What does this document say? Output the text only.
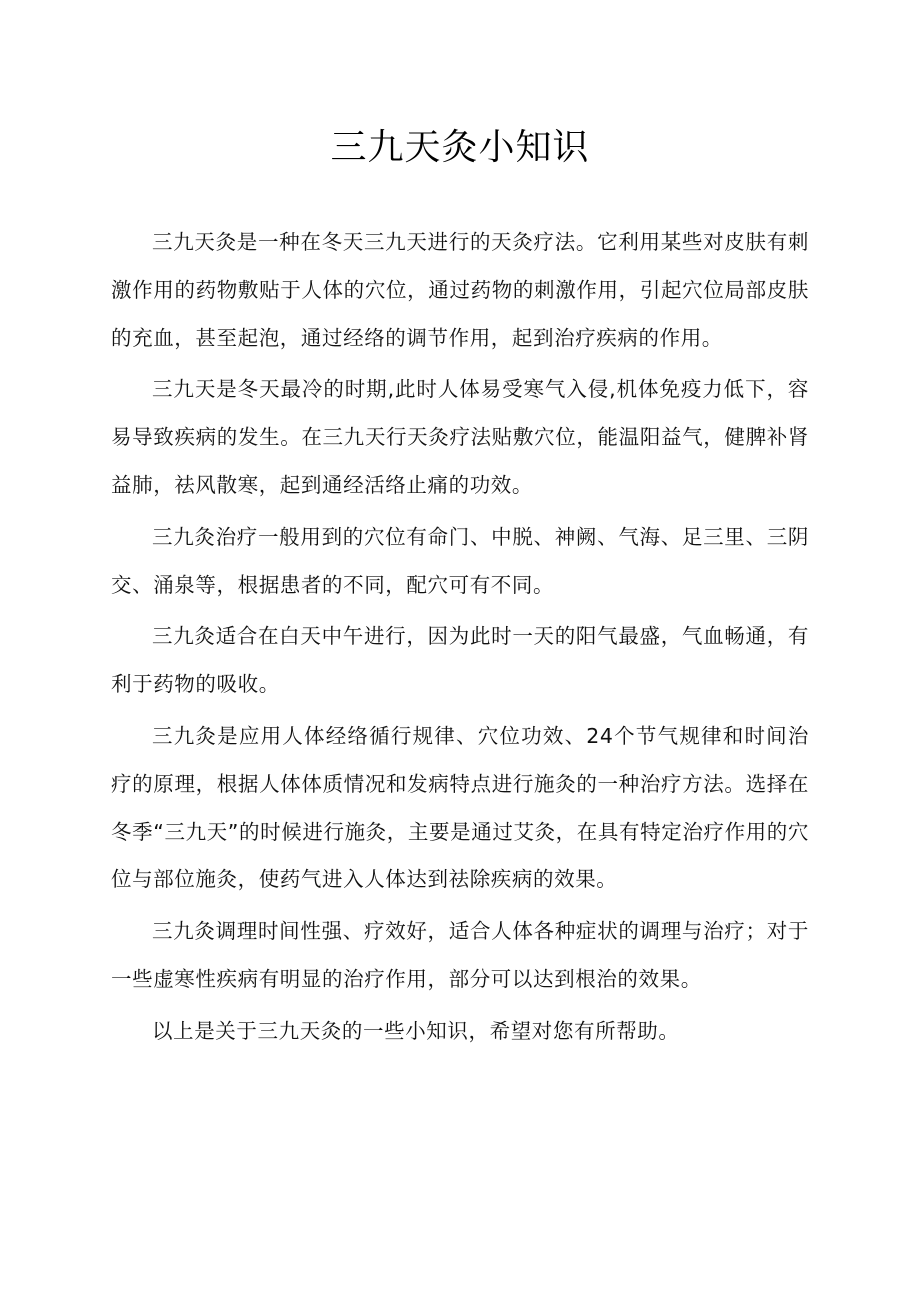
三九天灸小知识

三九天灸是一种在冬天三九天进行的天灸疗法。它利用某些对皮肤有刺激作用的药物敷贴于人体的穴位，通过药物的刺激作用，引起穴位局部皮肤的充血，甚至起泡，通过经络的调节作用，起到治疗疾病的作用。

三九天是冬天最冷的时期,此时人体易受寒气入侵,机体免疫力低下，容易导致疾病的发生。在三九天行天灸疗法贴敷穴位，能温阳益气，健脾补肾益肺，祛风散寒，起到通经活络止痛的功效。

三九灸治疗一般用到的穴位有命门、中脱、神阙、气海、足三里、三阴交、涌泉等，根据患者的不同，配穴可有不同。

三九灸适合在白天中午进行，因为此时一天的阳气最盛，气血畅通，有利于药物的吸收。

三九灸是应用人体经络循行规律、穴位功效、24个节气规律和时间治疗的原理，根据人体体质情况和发病特点进行施灸的一种治疗方法。选择在冬季“三九天”的时候进行施灸，主要是通过艾灸，在具有特定治疗作用的穴位与部位施灸，使药气进入人体达到祛除疾病的效果。

三九灸调理时间性强、疗效好，适合人体各种症状的调理与治疗；对于一些虚寒性疾病有明显的治疗作用，部分可以达到根治的效果。

以上是关于三九天灸的一些小知识，希望对您有所帮助。
